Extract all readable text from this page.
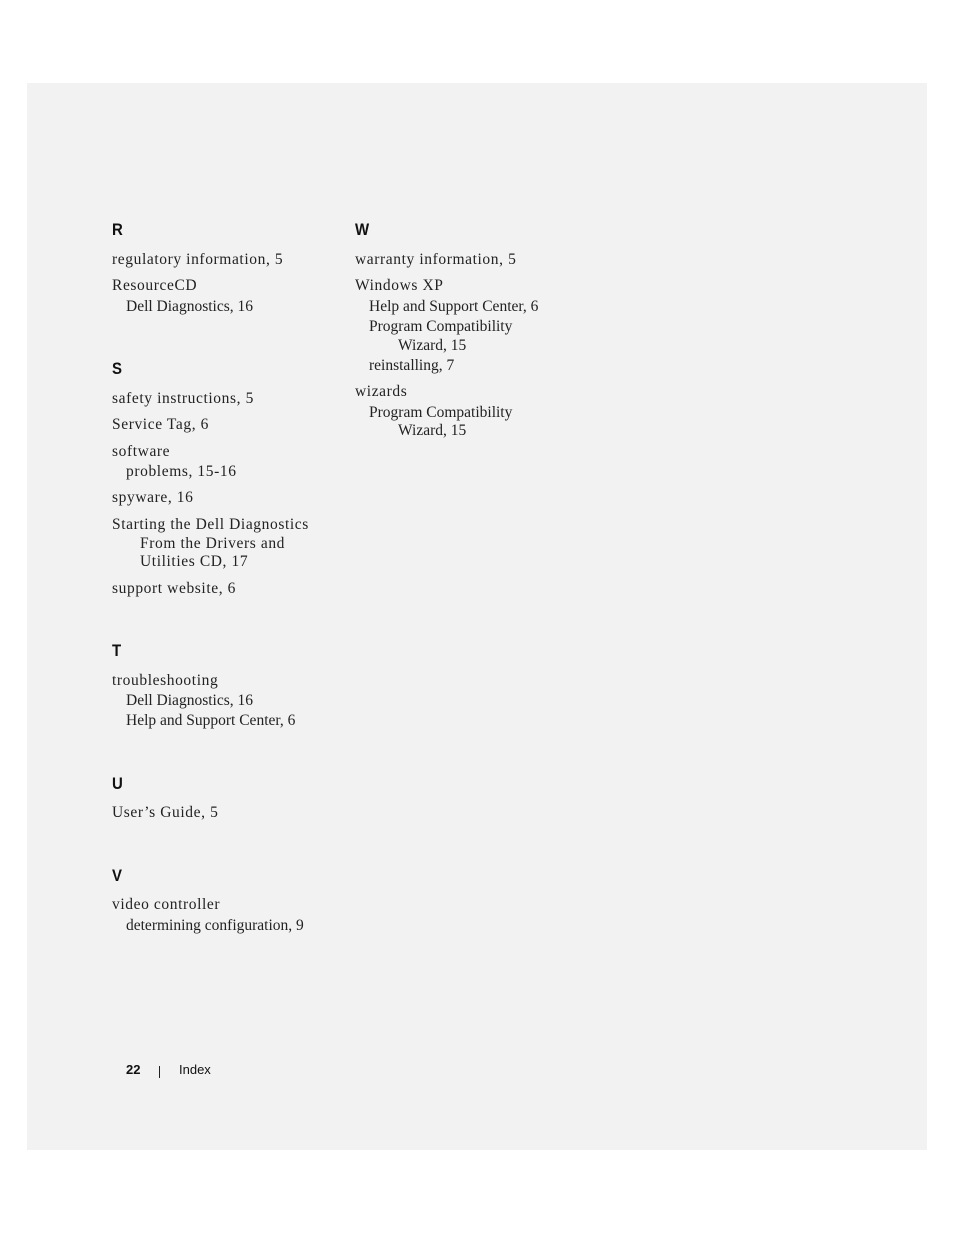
R
regulatory information, 5
ResourceCD
Dell Diagnostics, 16
S
safety instructions, 5
Service Tag, 6
software
problems, 15-16
spyware, 16
Starting the Dell Diagnostics
From the Drivers and
Utilities CD, 17
support website, 6
T
troubleshooting
Dell Diagnostics, 16
Help and Support Center, 6
U
User’s Guide, 5
V
video controller
determining configuration, 9
W
warranty information, 5
Windows XP
Help and Support Center, 6
Program Compatibility
Wizard, 15
reinstalling, 7
wizards
Program Compatibility
Wizard, 15
22	Index
